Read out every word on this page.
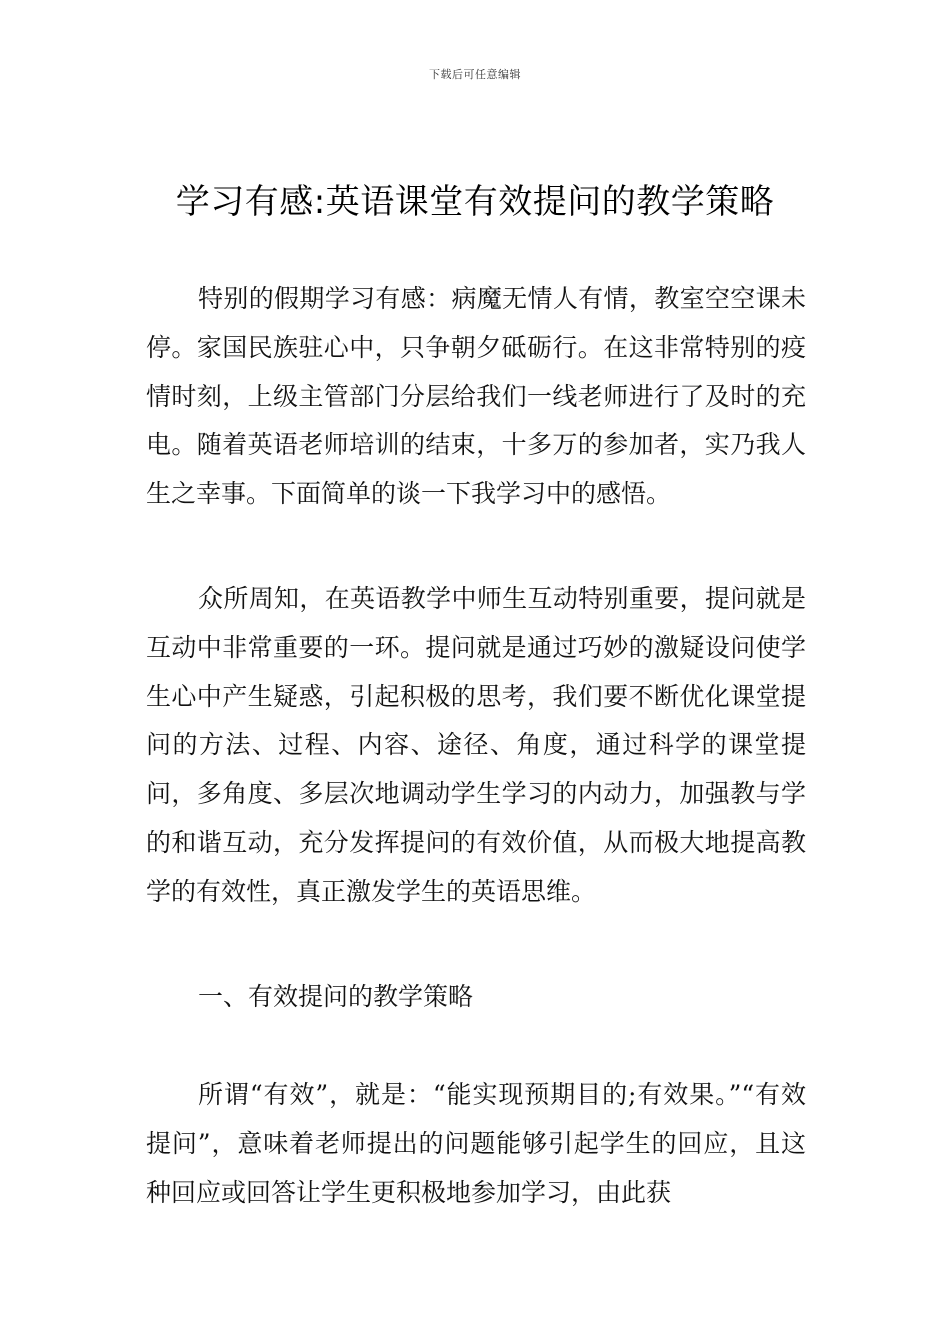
下载后可任意编辑
学习有感:英语课堂有效提问的教学策略

特别的假期学习有感：病魔无情人有情，教室空空课未停。家国民族驻心中，只争朝夕砥砺行。在这非常特别的疫情时刻，上级主管部门分层给我们一线老师进行了及时的充电。随着英语老师培训的结束，十多万的参加者，实乃我人生之幸事。下面简单的谈一下我学习中的感悟。

众所周知，在英语教学中师生互动特别重要，提问就是互动中非常重要的一环。提问就是通过巧妙的激疑设问使学生心中产生疑惑，引起积极的思考，我们要不断优化课堂提问的方法、过程、内容、途径、角度，通过科学的课堂提问，多角度、多层次地调动学生学习的内动力，加强教与学的和谐互动，充分发挥提问的有效价值，从而极大地提高教学的有效性，真正激发学生的英语思维。

一、有效提问的教学策略

所谓“有效”，就是：“能实现预期目的;有效果。”“有效提问”，意味着老师提出的问题能够引起学生的回应，且这种回应或回答让学生更积极地参加学习，由此获
